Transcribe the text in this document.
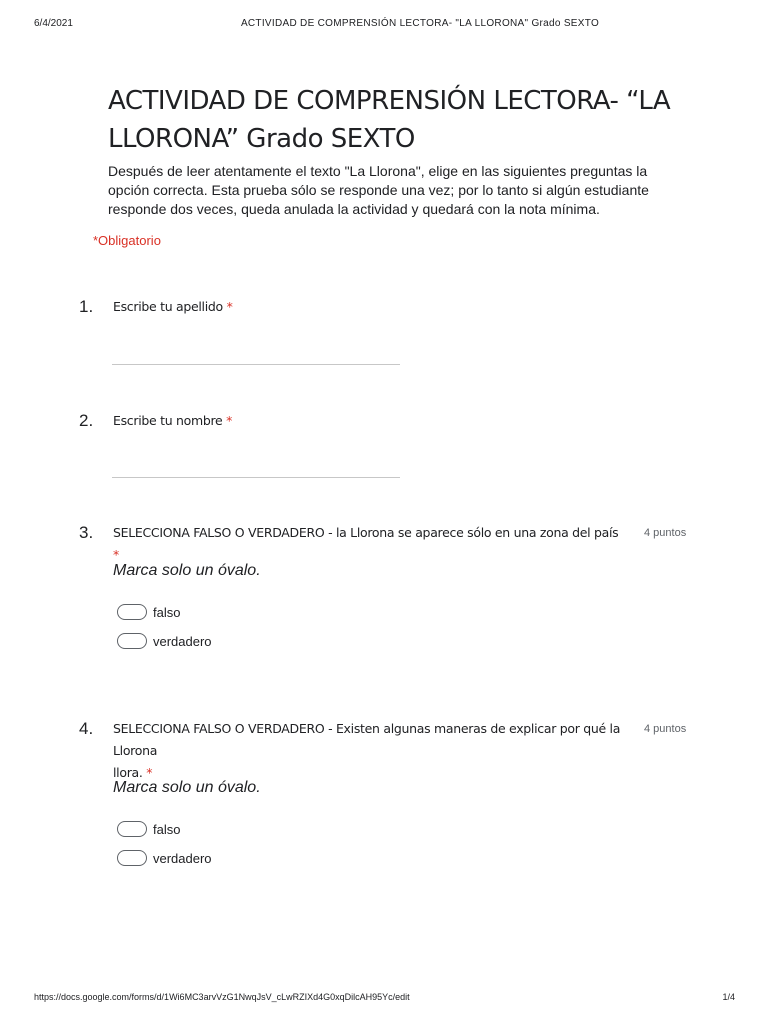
6/4/2021	ACTIVIDAD DE COMPRENSIÓN LECTORA- "LA LLORONA" Grado SEXTO
ACTIVIDAD DE COMPRENSIÓN LECTORA- “LA
LLORONA” Grado SEXTO
Después de leer atentamente el texto "La Llorona", elige en las siguientes preguntas la opción correcta. Esta prueba sólo se responde una vez; por lo tanto si algún estudiante responde dos veces, queda anulada la actividad y quedará con la nota mínima.
*Obligatorio
1. Escribe tu apellido *
2. Escribe tu nombre *
3. SELECCIONA FALSO O VERDADERO - la Llorona se aparece sólo en una zona del país *
4 puntos
Marca solo un óvalo.
falso
verdadero
4. SELECCIONA FALSO O VERDADERO - Existen algunas maneras de explicar por qué la Llorona
llora. *
4 puntos
Marca solo un óvalo.
falso
verdadero
https://docs.google.com/forms/d/1Wi6MC3arvVzG1NwqJsV_cLwRZIXd4G0xqDilcAH95Yc/edit	1/4
